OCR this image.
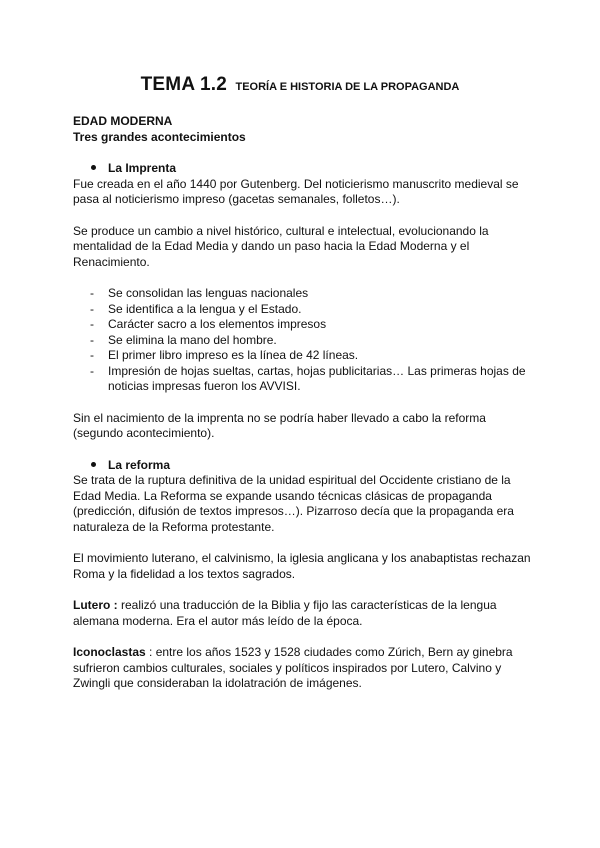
TEMA 1.2 TEORÍA E HISTORIA DE LA PROPAGANDA

EDAD MODERNA

Tres grandes acontecimientos

La Imprenta

Fue creada en el año 1440 por Gutenberg. Del noticierismo manuscrito medieval se pasa al noticierismo impreso (gacetas semanales, folletos…).

Se produce un cambio a nivel histórico, cultural e intelectual, evolucionando la mentalidad de la Edad Media y dando un paso hacia la Edad Moderna y el Renacimiento.

- Se consolidan las lenguas nacionales
- Se identifica a la lengua y el Estado.
- Carácter sacro a los elementos impresos
- Se elimina la mano del hombre.
- El primer libro impreso es la línea de 42 líneas.
- Impresión de hojas sueltas, cartas, hojas publicitarias… Las primeras hojas de noticias impresas fueron los AVVISI.

Sin el nacimiento de la imprenta no se podría haber llevado a cabo la reforma (segundo acontecimiento).

La reforma

Se trata de la ruptura definitiva de la unidad espiritual del Occidente cristiano de la Edad Media. La Reforma se expande usando técnicas clásicas de propaganda (predicción, difusión de textos impresos…). Pizarroso decía que la propaganda era naturaleza de la Reforma protestante.

El movimiento luterano, el calvinismo, la iglesia anglicana y los anabaptistas rechazan Roma y la fidelidad a los textos sagrados.

Lutero : realizó una traducción de la Biblia y fijo las características de la lengua alemana moderna. Era el autor más leído de la época.

Iconoclastas : entre los años 1523 y 1528 ciudades como Zúrich, Bern ay ginebra sufrieron cambios culturales, sociales y políticos inspirados por Lutero, Calvino y Zwingli que consideraban la idolatración de imágenes.
